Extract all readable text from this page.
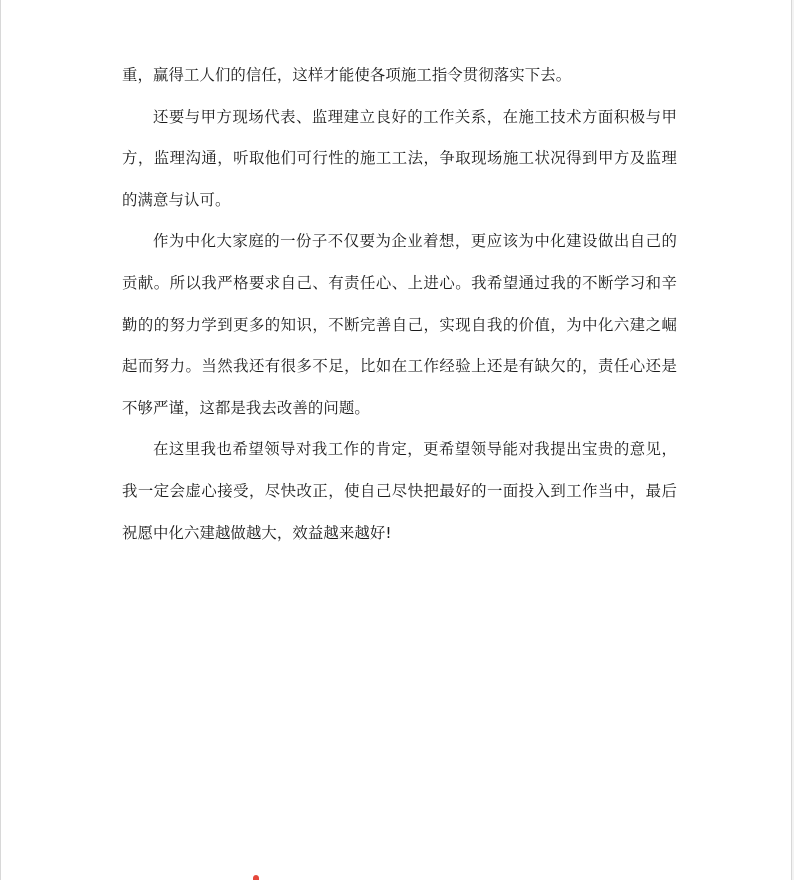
重，赢得工人们的信任，这样才能使各项施工指令贯彻落实下去。

还要与甲方现场代表、监理建立良好的工作关系，在施工技术方面积极与甲方，监理沟通，听取他们可行性的施工工法，争取现场施工状况得到甲方及监理的满意与认可。

作为中化大家庭的一份子不仅要为企业着想，更应该为中化建设做出自己的贡献。所以我严格要求自己、有责任心、上进心。我希望通过我的不断学习和辛勤的的努力学到更多的知识，不断完善自己，实现自我的价值，为中化六建之崛起而努力。当然我还有很多不足，比如在工作经验上还是有缺欠的，责任心还是不够严谨，这都是我去改善的问题。

在这里我也希望领导对我工作的肯定，更希望领导能对我提出宝贵的意见，我一定会虚心接受，尽快改正，使自己尽快把最好的一面投入到工作当中，最后祝愿中化六建越做越大，效益越来越好!
